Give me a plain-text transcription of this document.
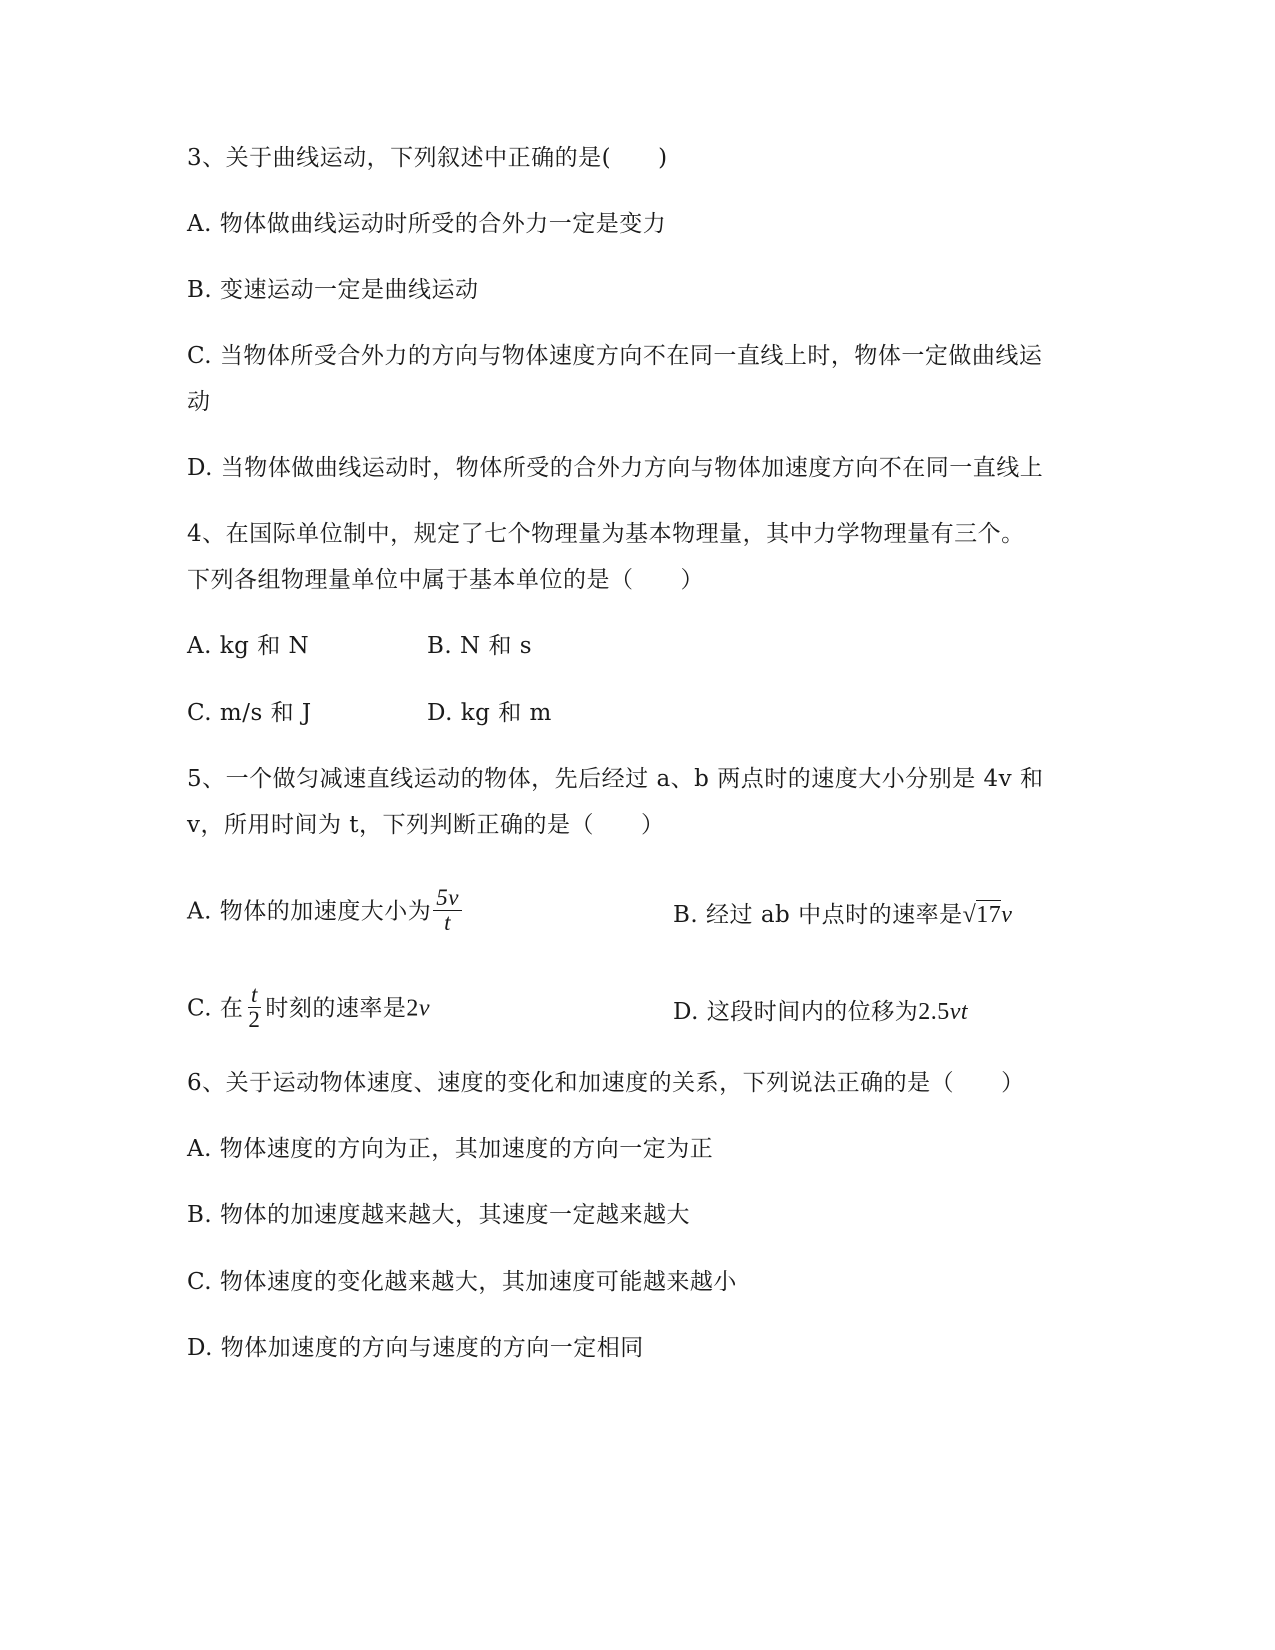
3、关于曲线运动，下列叙述中正确的是(　　)
A. 物体做曲线运动时所受的合外力一定是变力
B. 变速运动一定是曲线运动
C. 当物体所受合外力的方向与物体速度方向不在同一直线上时，物体一定做曲线运
动
D. 当物体做曲线运动时，物体所受的合外力方向与物体加速度方向不在同一直线上
4、在国际单位制中，规定了七个物理量为基本物理量，其中力学物理量有三个。
下列各组物理量单位中属于基本单位的是（　　）
A. kg 和 N	B. N 和 s
C. m/s 和 J	D. kg 和 m
5、一个做匀减速直线运动的物体，先后经过 a、b 两点时的速度大小分别是 4v 和
v，所用时间为 t，下列判断正确的是（　　）
A. 物体的加速度大小为 $\frac{5v}{t}$	B. 经过 ab 中点时的速率是√17v
C. 在 $\frac{t}{2}$ 时刻的速率是2v	D. 这段时间内的位移为2.5vt
6、关于运动物体速度、速度的变化和加速度的关系，下列说法正确的是（　　）
A. 物体速度的方向为正，其加速度的方向一定为正
B. 物体的加速度越来越大，其速度一定越来越大
C. 物体速度的变化越来越大，其加速度可能越来越小
D. 物体加速度的方向与速度的方向一定相同
